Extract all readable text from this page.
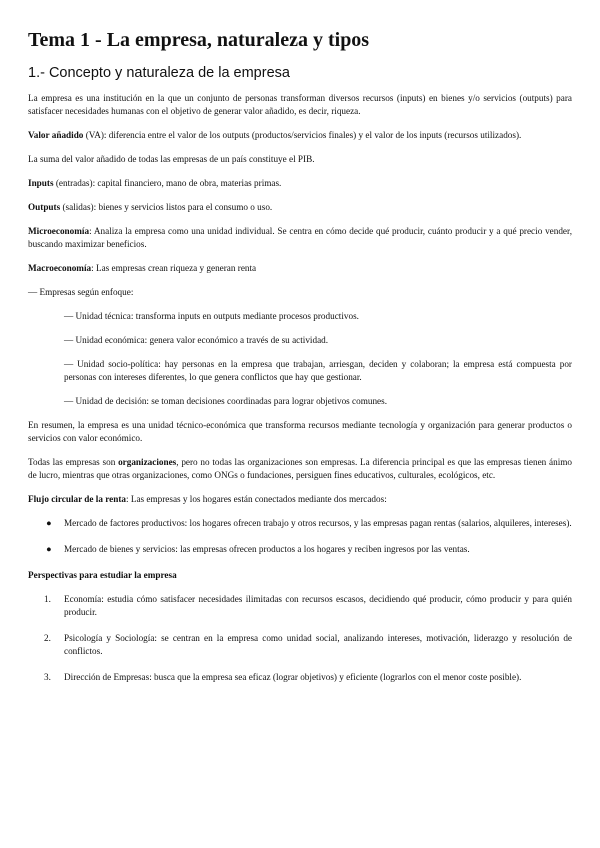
Tema 1 - La empresa, naturaleza y tipos
1.- Concepto y naturaleza de la empresa

La empresa es una institución en la que un conjunto de personas transforman diversos recursos (inputs) en bienes y/o servicios (outputs) para satisfacer necesidades humanas con el objetivo de generar valor añadido, es decir, riqueza.

Valor añadido (VA): diferencia entre el valor de los outputs (productos/servicios finales) y el valor de los inputs (recursos utilizados).

La suma del valor añadido de todas las empresas de un país constituye el PIB.

Inputs (entradas): capital financiero, mano de obra, materias primas.

Outputs (salidas): bienes y servicios listos para el consumo o uso.

Microeconomía: Analiza la empresa como una unidad individual. Se centra en cómo decide qué producir, cuánto producir y a qué precio vender, buscando maximizar beneficios.

Macroeconomía: Las empresas crean riqueza y generan renta

— Empresas según enfoque:

— Unidad técnica: transforma inputs en outputs mediante procesos productivos.

— Unidad económica: genera valor económico a través de su actividad.

— Unidad socio-política: hay personas en la empresa que trabajan, arriesgan, deciden y colaboran; la empresa está compuesta por personas con intereses diferentes, lo que genera conflictos que hay que gestionar.

— Unidad de decisión: se toman decisiones coordinadas para lograr objetivos comunes.

En resumen, la empresa es una unidad técnico-económica que transforma recursos mediante tecnología y organización para generar productos o servicios con valor económico.

Todas las empresas son organizaciones, pero no todas las organizaciones son empresas. La diferencia principal es que las empresas tienen ánimo de lucro, mientras que otras organizaciones, como ONGs o fundaciones, persiguen fines educativos, culturales, ecológicos, etc.

Flujo circular de la renta: Las empresas y los hogares están conectados mediante dos mercados:

● Mercado de factores productivos: los hogares ofrecen trabajo y otros recursos, y las empresas pagan rentas (salarios, alquileres, intereses).
● Mercado de bienes y servicios: las empresas ofrecen productos a los hogares y reciben ingresos por las ventas.

Perspectivas para estudiar la empresa

1. Economía: estudia cómo satisfacer necesidades ilimitadas con recursos escasos, decidiendo qué producir, cómo producir y para quién producir.
2. Psicología y Sociología: se centran en la empresa como unidad social, analizando intereses, motivación, liderazgo y resolución de conflictos.
3. Dirección de Empresas: busca que la empresa sea eficaz (lograr objetivos) y eficiente (lograrlos con el menor coste posible).
